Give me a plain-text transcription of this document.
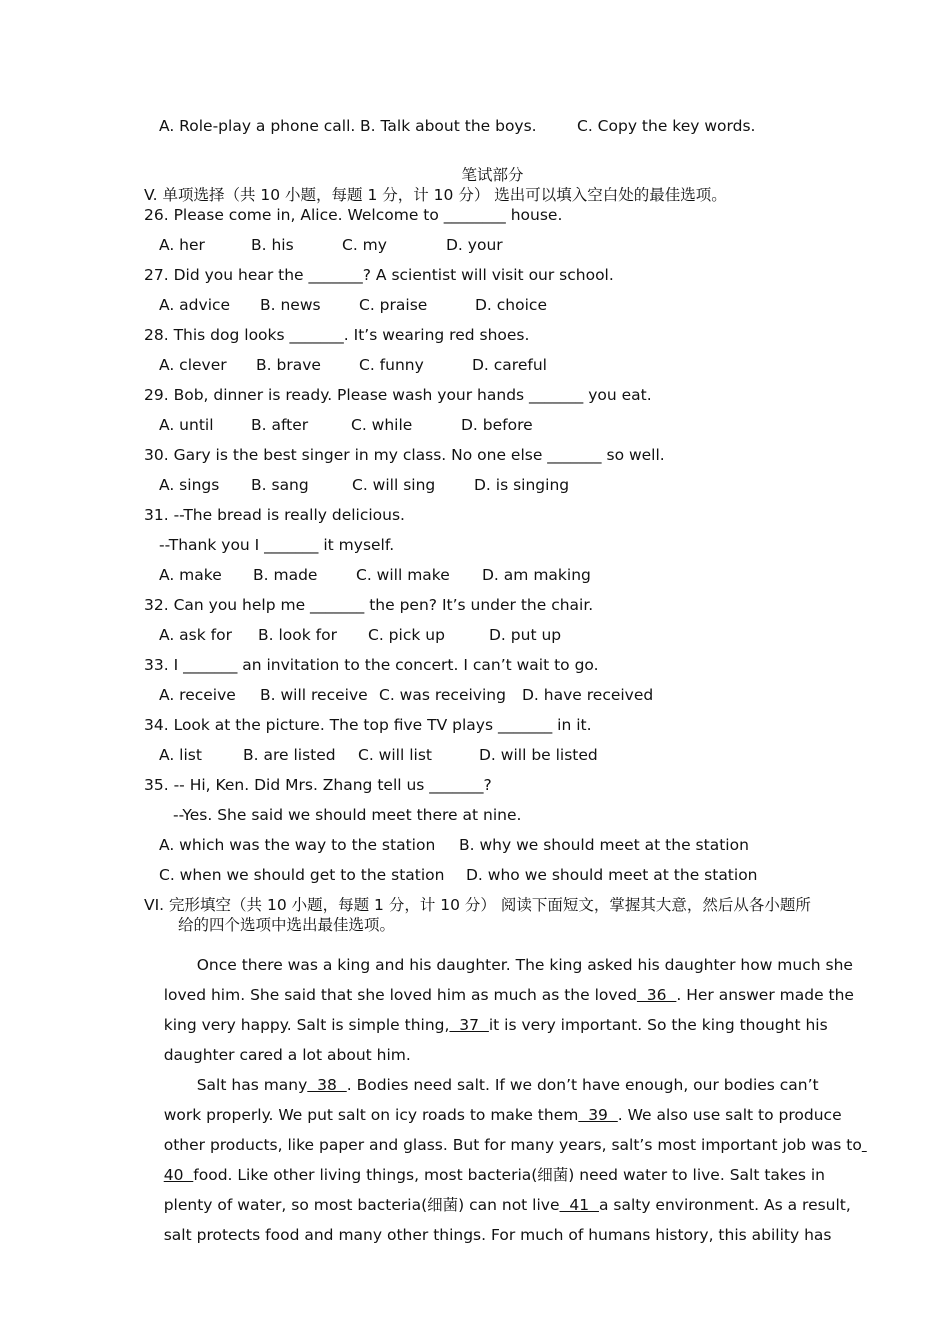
A. Role-play a phone call. B. Talk about the boys.	C. Copy the key words.
笔试部分
V. 单项选择（共 10 小题，每题 1 分，计 10 分） 选出可以填入空白处的最佳选项。
26. Please come in, Alice. Welcome to ________ house.
A. her	B. his	C. my	D. your
27. Did you hear the _______? A scientist will visit our school.
A. advice B. news C. praise	D. choice
28. This dog looks _______. It’s wearing red shoes.
A. clever B. brave C. funny	D. careful
29. Bob, dinner is ready. Please wash your hands _______ you eat.
A. until B. after	C. while	D. before
30. Gary is the best singer in my class. No one else _______ so well.
A. sings B. sang	C. will sing	D. is singing
31. --The bread is really delicious.
--Thank you I _______ it myself.
A. make B. made C. will make D. am making
32. Can you help me _______ the pen? It’s under the chair.
A. ask for B. look for C. pick up	D. put up
33. I _______ an invitation to the concert. I can’t wait to go.
A. receive B. will receive C. was receiving D. have received
34. Look at the picture. The top five TV plays _______ in it.
A. list	B. are listed C. will list	D. will be listed
35. -- Hi, Ken. Did Mrs. Zhang tell us _______?
--Yes. She said we should meet there at nine.
A. which was the way to the station B. why we should meet at the station
C. when we should get to the station D. who we should meet at the station
VI. 完形填空（共 10 小题，每题 1 分，计 10 分） 阅读下面短文，掌握其大意，然后从各小题所
给的四个选项中选出最佳选项。

Once there was a king and his daughter. The king asked his daughter how much she

loved him. She said that she loved him as much as the loved  36  . Her answer made the

king very happy. Salt is simple thing,  37  it is very important. So the king thought his

daughter cared a lot about him.

Salt has many  38  . Bodies need salt. If we don’t have enough, our bodies can’t

work properly. We put salt on icy roads to make them  39  . We also use salt to produce

other products, like paper and glass. But for many years, salt’s most important job was to

40  food. Like other living things, most bacteria(细菌) need water to live. Salt takes in

plenty of water, so most bacteria(细菌) can not live  41  a salty environment. As a result,

salt protects food and many other things. For much of humans history, this ability has
